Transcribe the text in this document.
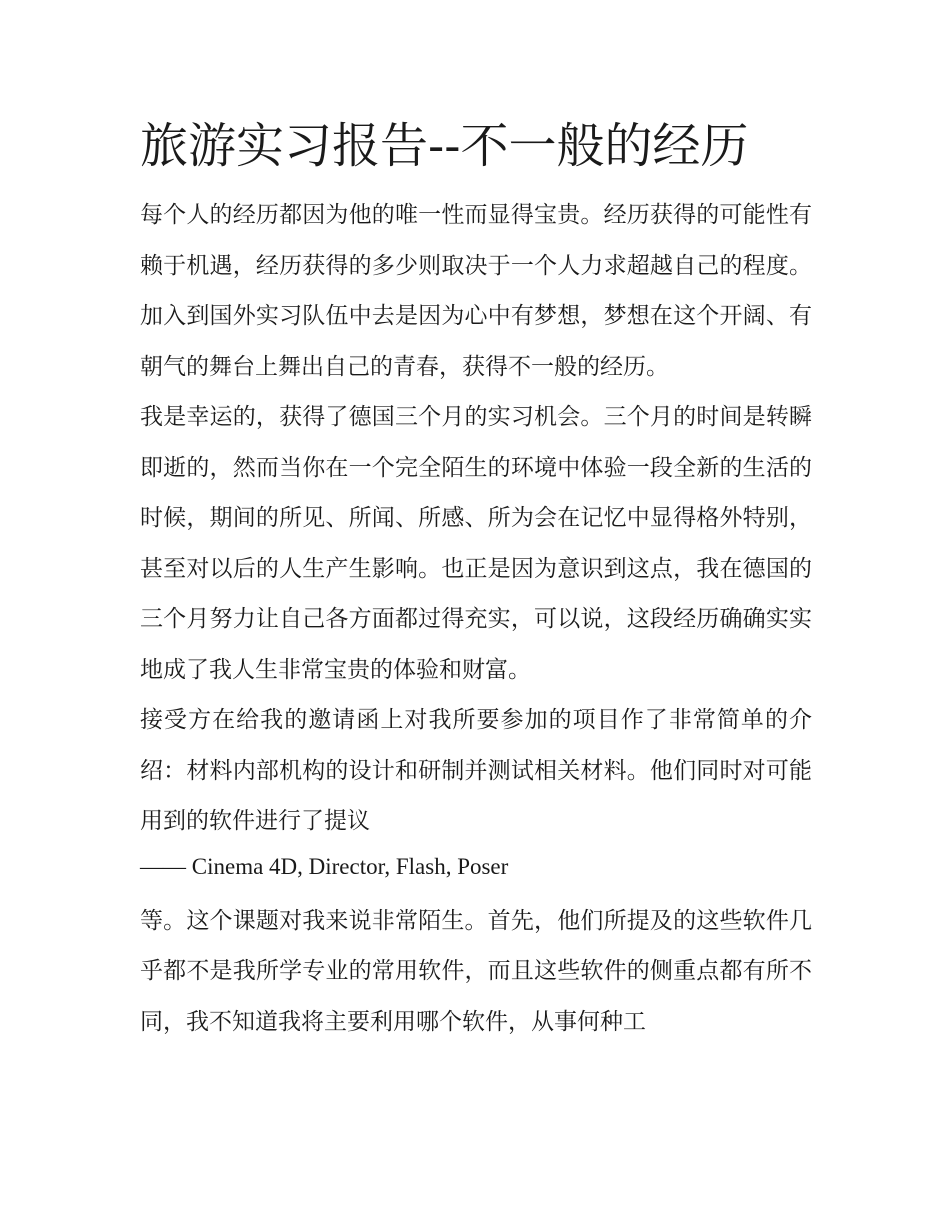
旅游实习报告--不一般的经历

每个人的经历都因为他的唯一性而显得宝贵。经历获得的可能性有赖于机遇，经历获得的多少则取决于一个人力求超越自己的程度。加入到国外实习队伍中去是因为心中有梦想，梦想在这个开阔、有朝气的舞台上舞出自己的青春，获得不一般的经历。

我是幸运的，获得了德国三个月的实习机会。三个月的时间是转瞬即逝的，然而当你在一个完全陌生的环境中体验一段全新的生活的时候，期间的所见、所闻、所感、所为会在记忆中显得格外特别，甚至对以后的人生产生影响。也正是因为意识到这点，我在德国的三个月努力让自己各方面都过得充实，可以说，这段经历确确实实地成了我人生非常宝贵的体验和财富。

接受方在给我的邀请函上对我所要参加的项目作了非常简单的介绍：材料内部机构的设计和研制并测试相关材料。他们同时对可能用到的软件进行了提议

—— Cinema 4D, Director, Flash, Poser

等。这个课题对我来说非常陌生。首先，他们所提及的这些软件几乎都不是我所学专业的常用软件，而且这些软件的侧重点都有所不同，我不知道我将主要利用哪个软件，从事何种工
